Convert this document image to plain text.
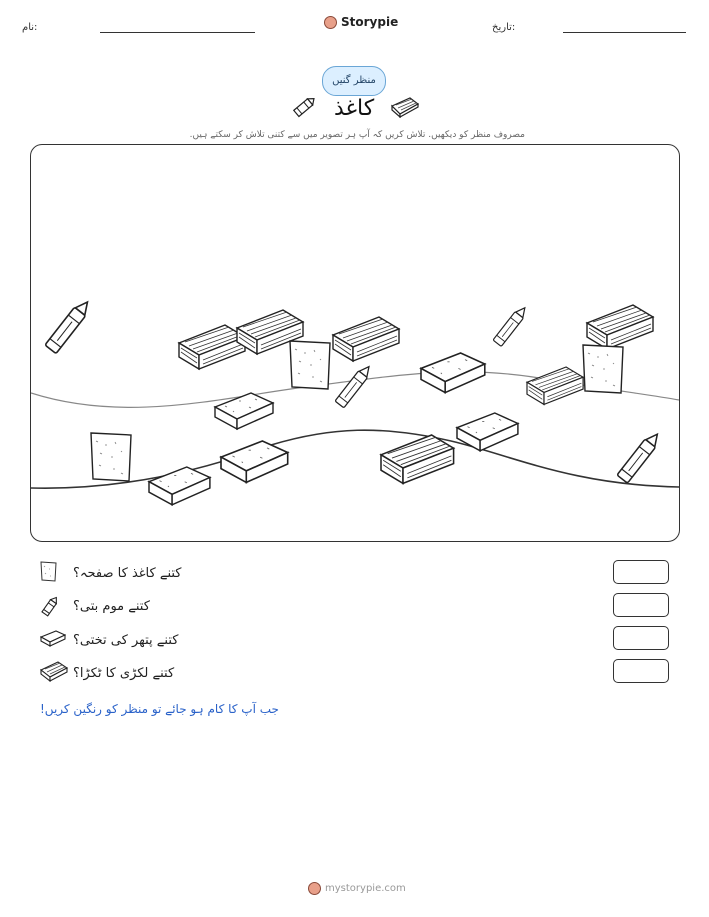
نام:	Storypie	تاریخ:
منظر گنیں
کاغذ
مصروف منظر کو دیکھیں. تلاش کریں کہ آپ ہر تصویر میں سے کتنی تلاش کر سکتے ہیں.
کتنے کاغذ کا صفحہ؟
کتنے موم بتی؟
کتنے پتھر کی تختی؟
کتنے لکڑی کا ٹکڑا؟
جب آپ کا کام ہو جائے تو منظر کو رنگین کریں!
mystorypie.com
